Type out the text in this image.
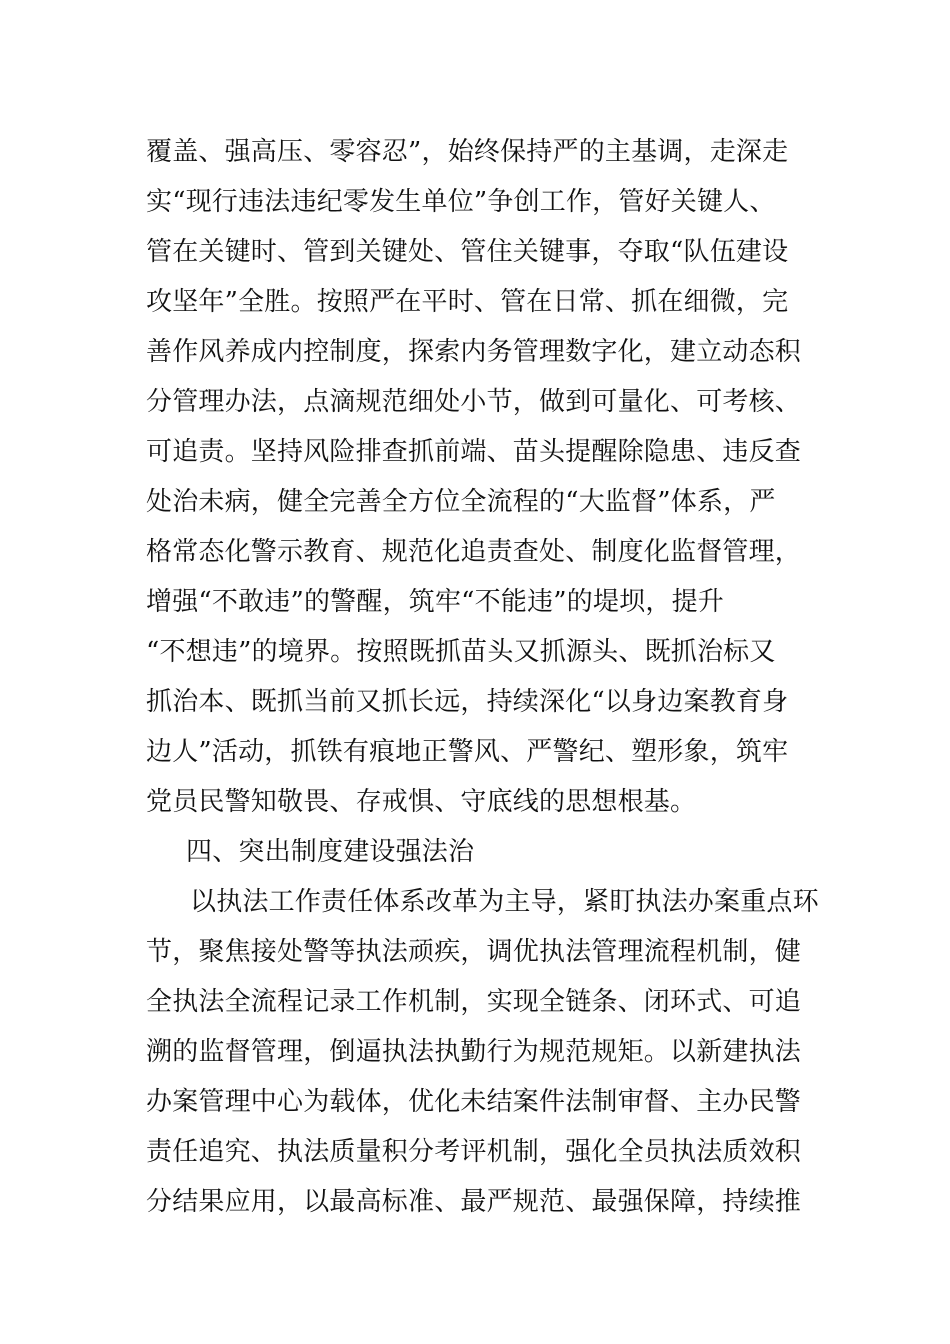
覆盖、强高压、零容忍”，始终保持严的主基调，走深走
实“现行违法违纪零发生单位”争创工作，管好关键人、
管在关键时、管到关键处、管住关键事，夺取“队伍建设
攻坚年”全胜。按照严在平时、管在日常、抓在细微，完
善作风养成内控制度，探索内务管理数字化，建立动态积
分管理办法，点滴规范细处小节，做到可量化、可考核、
可追责。坚持风险排查抓前端、苗头提醒除隐患、违反查
处治未病，健全完善全方位全流程的“大监督”体系，严
格常态化警示教育、规范化追责查处、制度化监督管理，
增强“不敢违”的警醒，筑牢“不能违”的堤坝，提升
“不想违”的境界。按照既抓苗头又抓源头、既抓治标又
抓治本、既抓当前又抓长远，持续深化“以身边案教育身
边人”活动，抓铁有痕地正警风、严警纪、塑形象，筑牢
党员民警知敬畏、存戒惧、守底线的思想根基。
四、突出制度建设强法治
以执法工作责任体系改革为主导，紧盯执法办案重点环
节，聚焦接处警等执法顽疾，调优执法管理流程机制，健
全执法全流程记录工作机制，实现全链条、闭环式、可追
溯的监督管理，倒逼执法执勤行为规范规矩。以新建执法
办案管理中心为载体，优化未结案件法制审督、主办民警
责任追究、执法质量积分考评机制，强化全员执法质效积
分结果应用，以最高标准、最严规范、最强保障，持续推
